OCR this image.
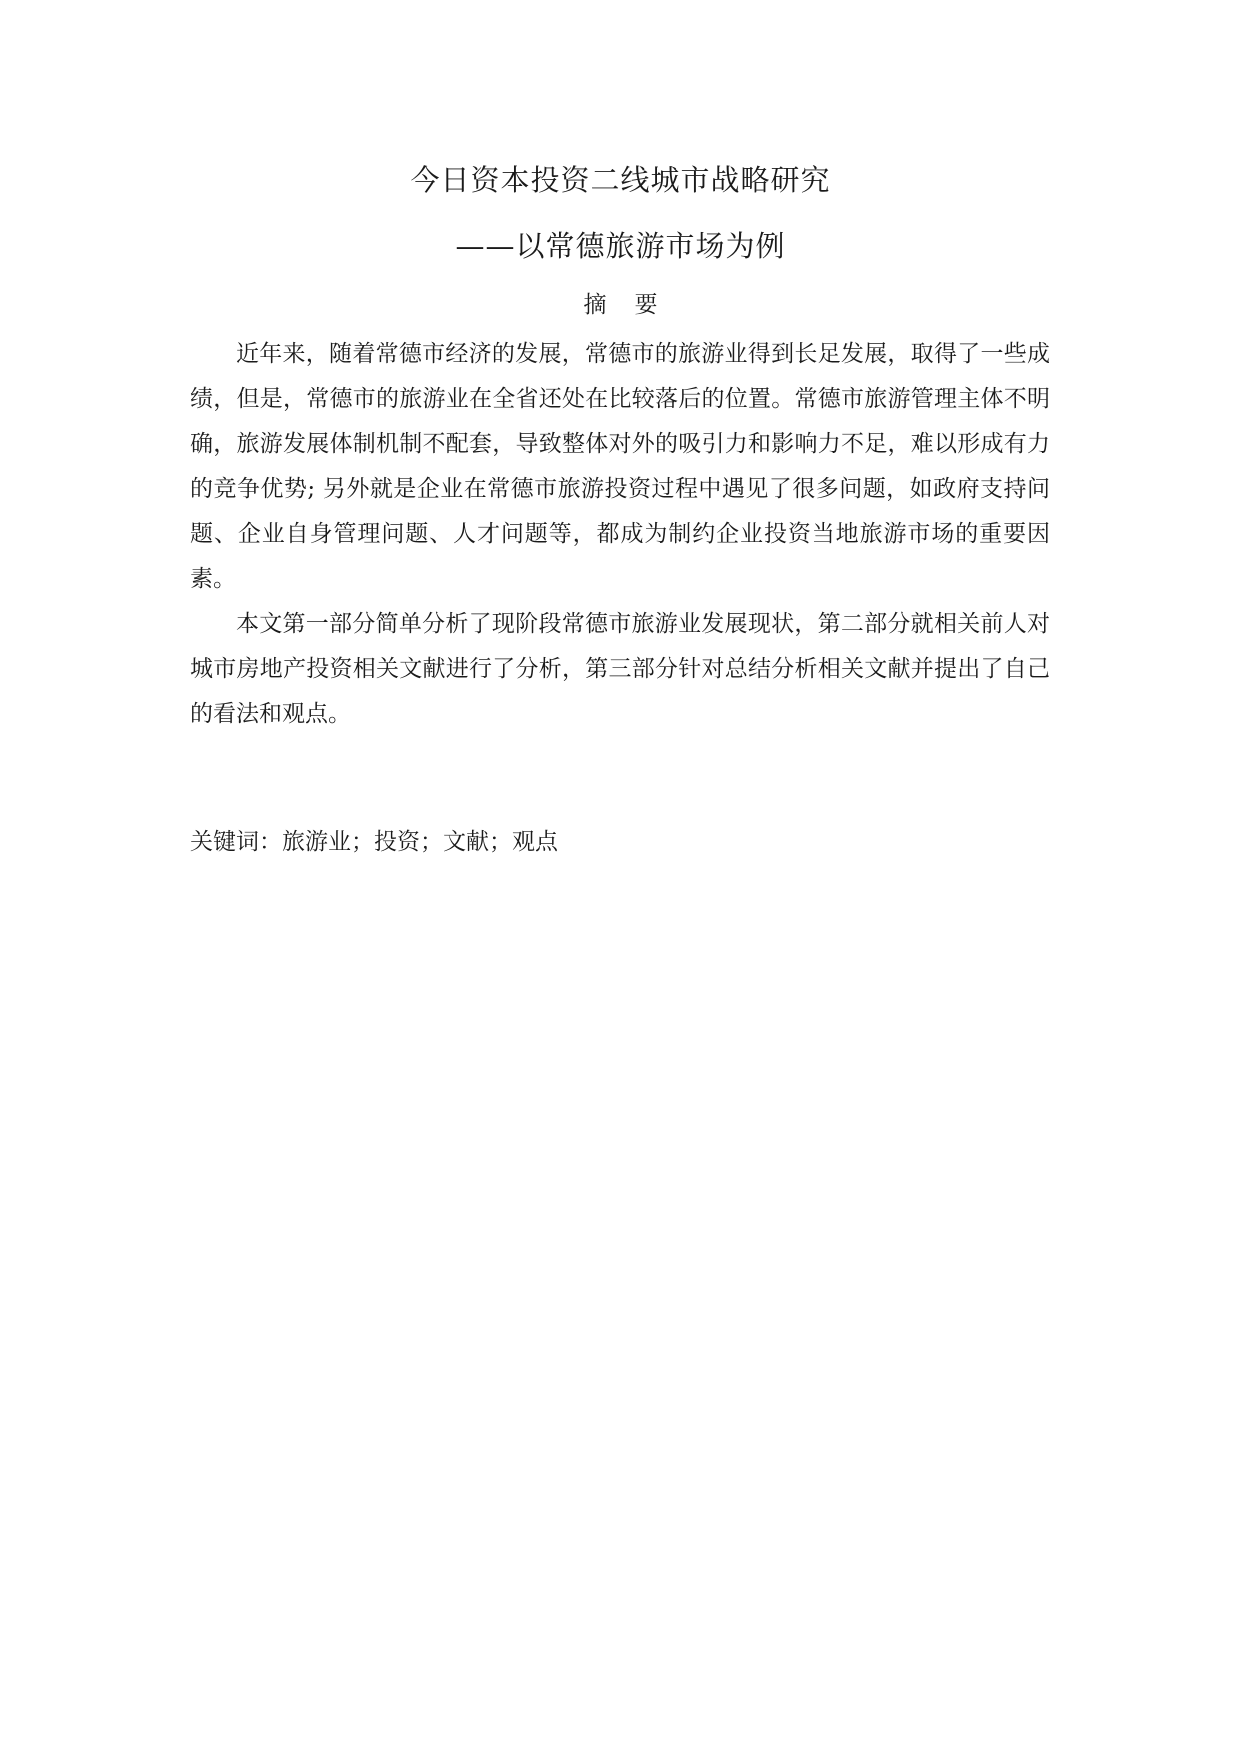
今日资本投资二线城市战略研究
——以常德旅游市场为例
摘 要

近年来，随着常德市经济的发展，常德市的旅游业得到长足发展，取得了一些成绩，但是，常德市的旅游业在全省还处在比较落后的位置。常德市旅游管理主体不明确，旅游发展体制机制不配套，导致整体对外的吸引力和影响力不足，难以形成有力的竞争优势; 另外就是企业在常德市旅游投资过程中遇见了很多问题，如政府支持问题、企业自身管理问题、人才问题等，都成为制约企业投资当地旅游市场的重要因素。

本文第一部分简单分析了现阶段常德市旅游业发展现状，第二部分就相关前人对城市房地产投资相关文献进行了分析，第三部分针对总结分析相关文献并提出了自己的看法和观点。

关键词：旅游业；投资；文献；观点
